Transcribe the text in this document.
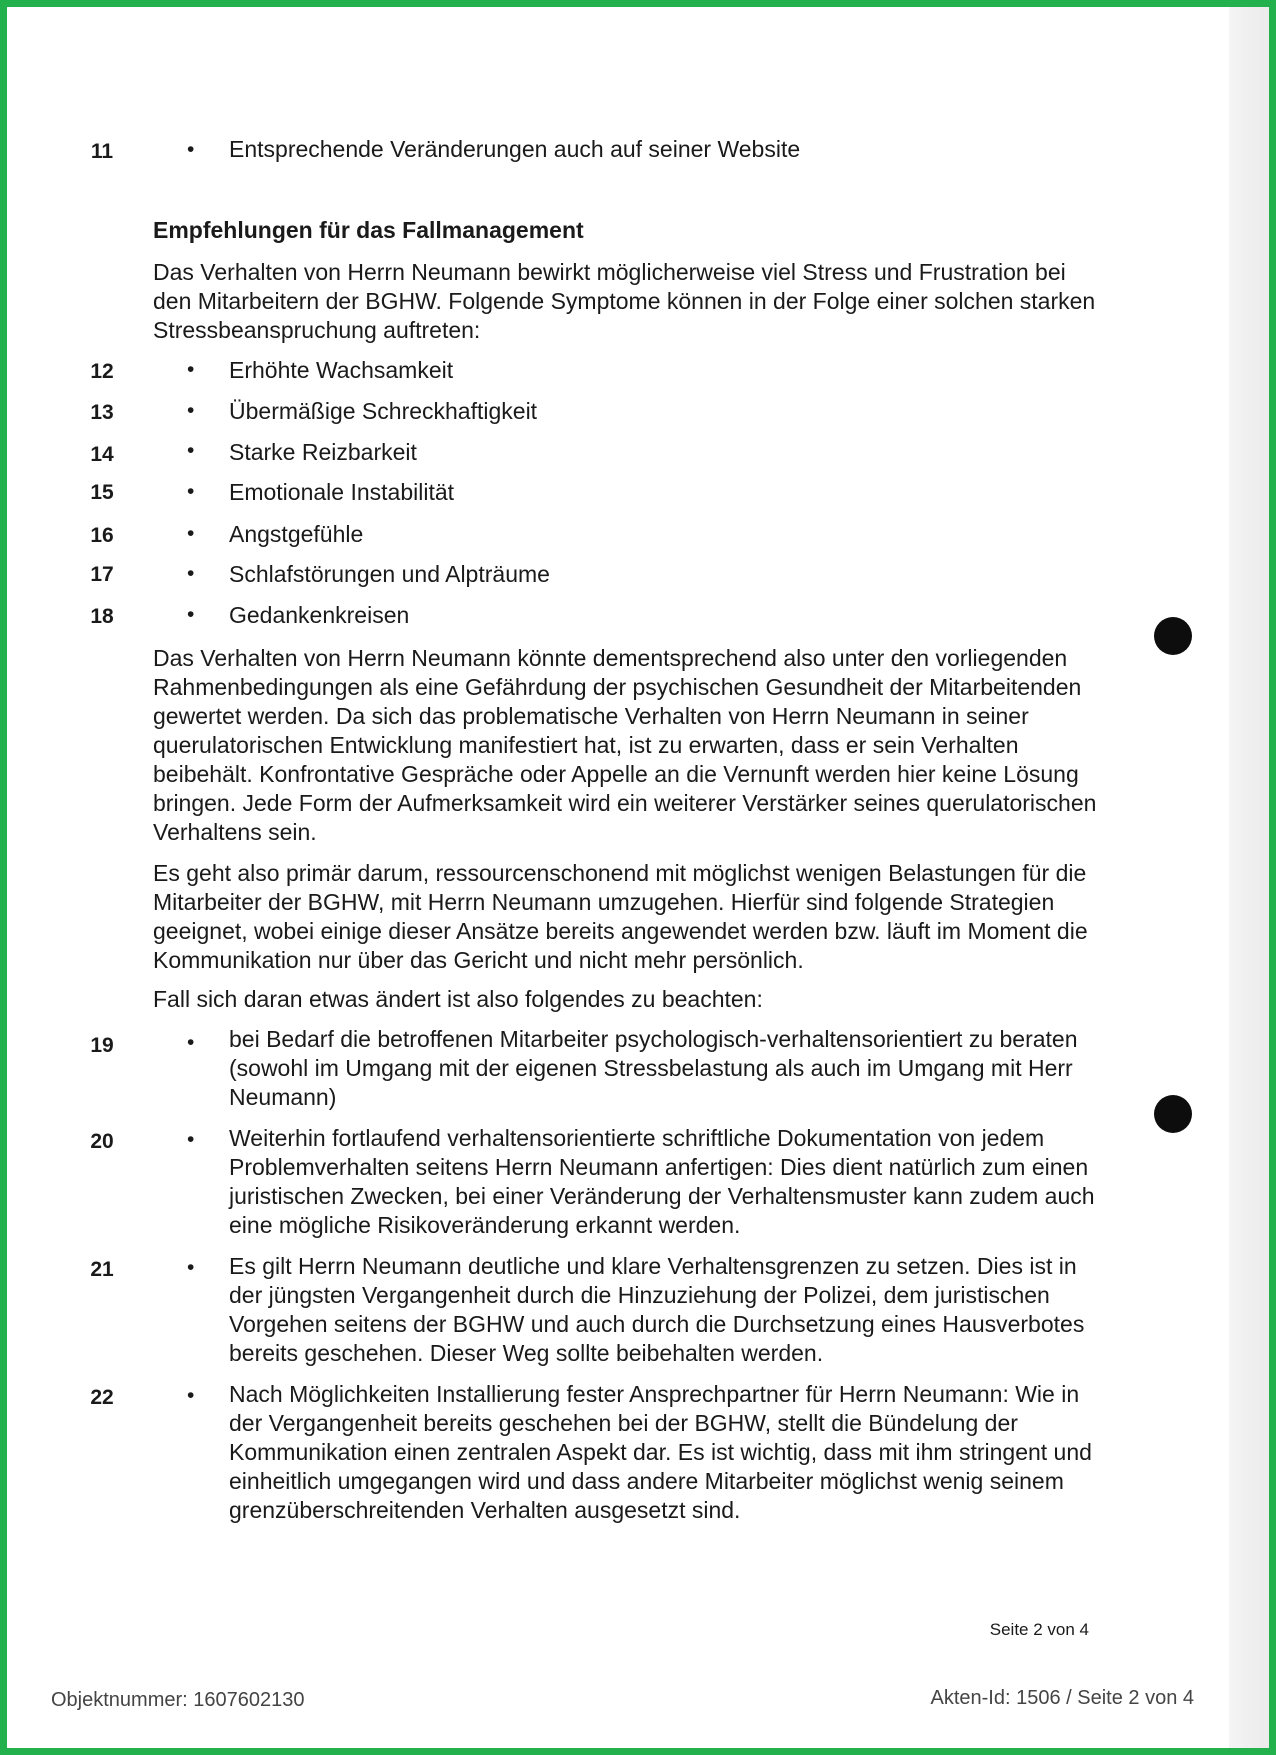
11	• Entsprechende Veränderungen auch auf seiner Website
Empfehlungen für das Fallmanagement
Das Verhalten von Herrn Neumann bewirkt möglicherweise viel Stress und Frustration bei den Mitarbeitern der BGHW. Folgende Symptome können in der Folge einer solchen starken Stressbeanspruchung auftreten:
12	• Erhöhte Wachsamkeit
13	• Übermäßige Schreckhaftigkeit
14	• Starke Reizbarkeit
15	• Emotionale Instabilität
16	• Angstgefühle
17	• Schlafstörungen und Alpträume
18	• Gedankenkreisen
Das Verhalten von Herrn Neumann könnte dementsprechend also unter den vorliegenden Rahmenbedingungen als eine Gefährdung der psychischen Gesundheit der Mitarbeitenden gewertet werden. Da sich das problematische Verhalten von Herrn Neumann in seiner querulatorischen Entwicklung manifestiert hat, ist zu erwarten, dass er sein Verhalten beibehält. Konfrontative Gespräche oder Appelle an die Vernunft werden hier keine Lösung bringen. Jede Form der Aufmerksamkeit wird ein weiterer Verstärker seines querulatorischen Verhaltens sein.
Es geht also primär darum, ressourcenschonend mit möglichst wenigen Belastungen für die Mitarbeiter der BGHW, mit Herrn Neumann umzugehen. Hierfür sind folgende Strategien geeignet, wobei einige dieser Ansätze bereits angewendet werden bzw. läuft im Moment die Kommunikation nur über das Gericht und nicht mehr persönlich.
Fall sich daran etwas ändert ist also folgendes zu beachten:
19	• bei Bedarf die betroffenen Mitarbeiter psychologisch-verhaltensorientiert zu beraten (sowohl im Umgang mit der eigenen Stressbelastung als auch im Umgang mit Herr Neumann)
20	• Weiterhin fortlaufend verhaltensorientierte schriftliche Dokumentation von jedem Problemverhalten seitens Herrn Neumann anfertigen: Dies dient natürlich zum einen juristischen Zwecken, bei einer Veränderung der Verhaltensmuster kann zudem auch eine mögliche Risikoveränderung erkannt werden.
21	• Es gilt Herrn Neumann deutliche und klare Verhaltensgrenzen zu setzen. Dies ist in der jüngsten Vergangenheit durch die Hinzuziehung der Polizei, dem juristischen Vorgehen seitens der BGHW und auch durch die Durchsetzung eines Hausverbotes bereits geschehen. Dieser Weg sollte beibehalten werden.
22	• Nach Möglichkeiten Installierung fester Ansprechpartner für Herrn Neumann: Wie in der Vergangenheit bereits geschehen bei der BGHW, stellt die Bündelung der Kommunikation einen zentralen Aspekt dar. Es ist wichtig, dass mit ihm stringent und einheitlich umgegangen wird und dass andere Mitarbeiter möglichst wenig seinem grenzüberschreitenden Verhalten ausgesetzt sind.
Seite 2 von 4
Objektnummer: 1607602130	Akten-Id: 1506 / Seite 2 von 4
